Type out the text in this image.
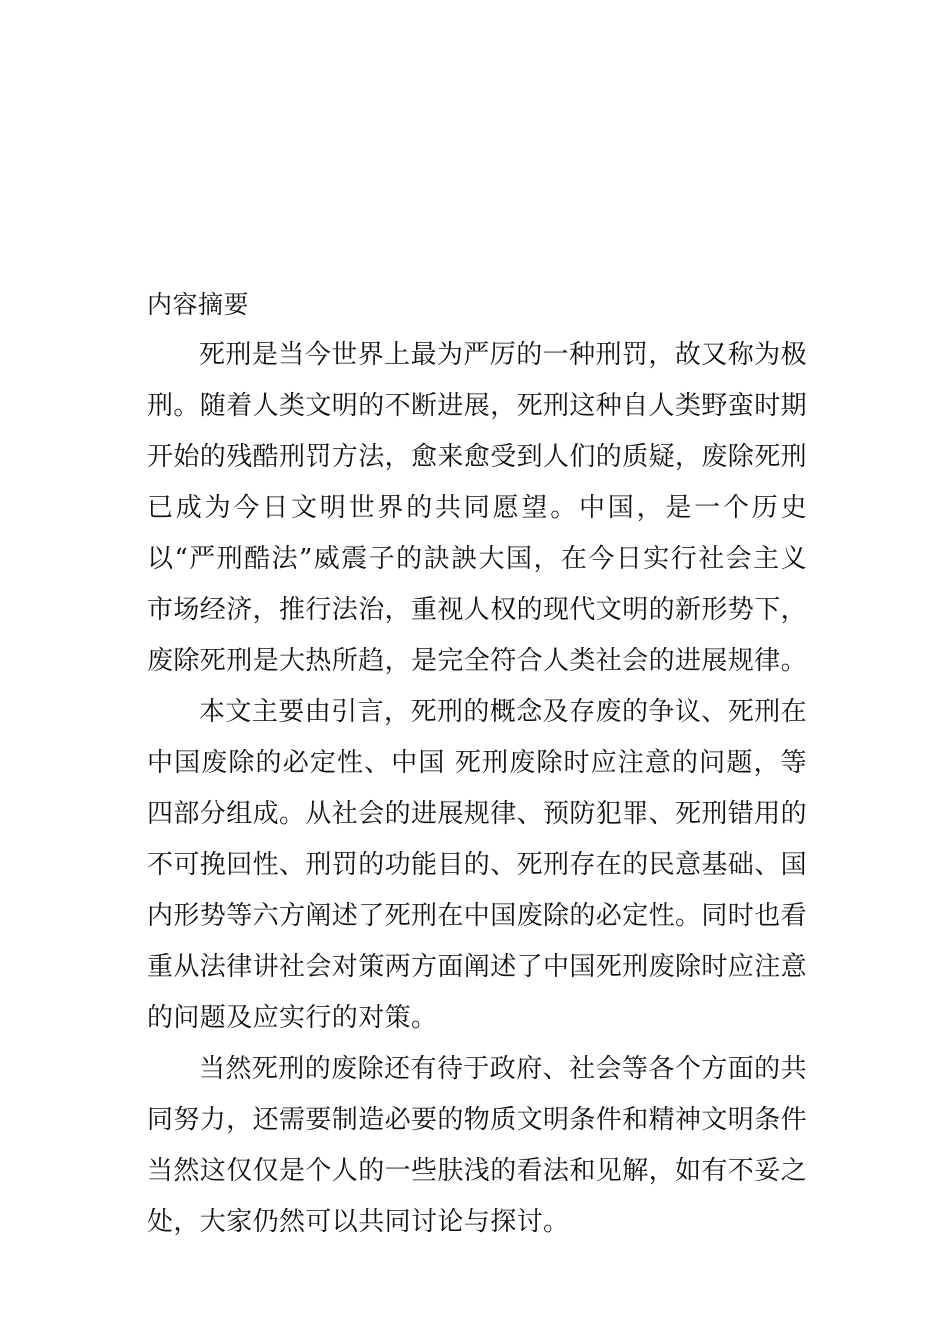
内容摘要

死刑是当今世界上最为严厉的一种刑罚，故又称为极刑。随着人类文明的不断进展，死刑这种自人类野蛮时期开始的残酷刑罚方法，愈来愈受到人们的质疑，废除死刑已成为今日文明世界的共同愿望。中国，是一个历史以“严刑酷法”威震子的訣詇大国，在今日实行社会主义市场经济，推行法治，重视人权的现代文明的新形势下，废除死刑是大热所趋，是完全符合人类社会的进展规律。

本文主要由引言，死刑的概念及存废的争议、死刑在中国废除的必定性、中国 死刑废除时应注意的问题，等四部分组成。从社会的进展规律、预防犯罪、死刑错用的不可挽回性、刑罚的功能目的、死刑存在的民意基础、国内形势等六方阐述了死刑在中国废除的必定性。同时也看重从法律讲社会对策两方面阐述了中国死刑废除时应注意的问题及应实行的对策。

当然死刑的废除还有待于政府、社会等各个方面的共同努力，还需要制造必要的物质文明条件和精神文明条件当然这仅仅是个人的一些肤浅的看法和见解，如有不妥之处，大家仍然可以共同讨论与探讨。
